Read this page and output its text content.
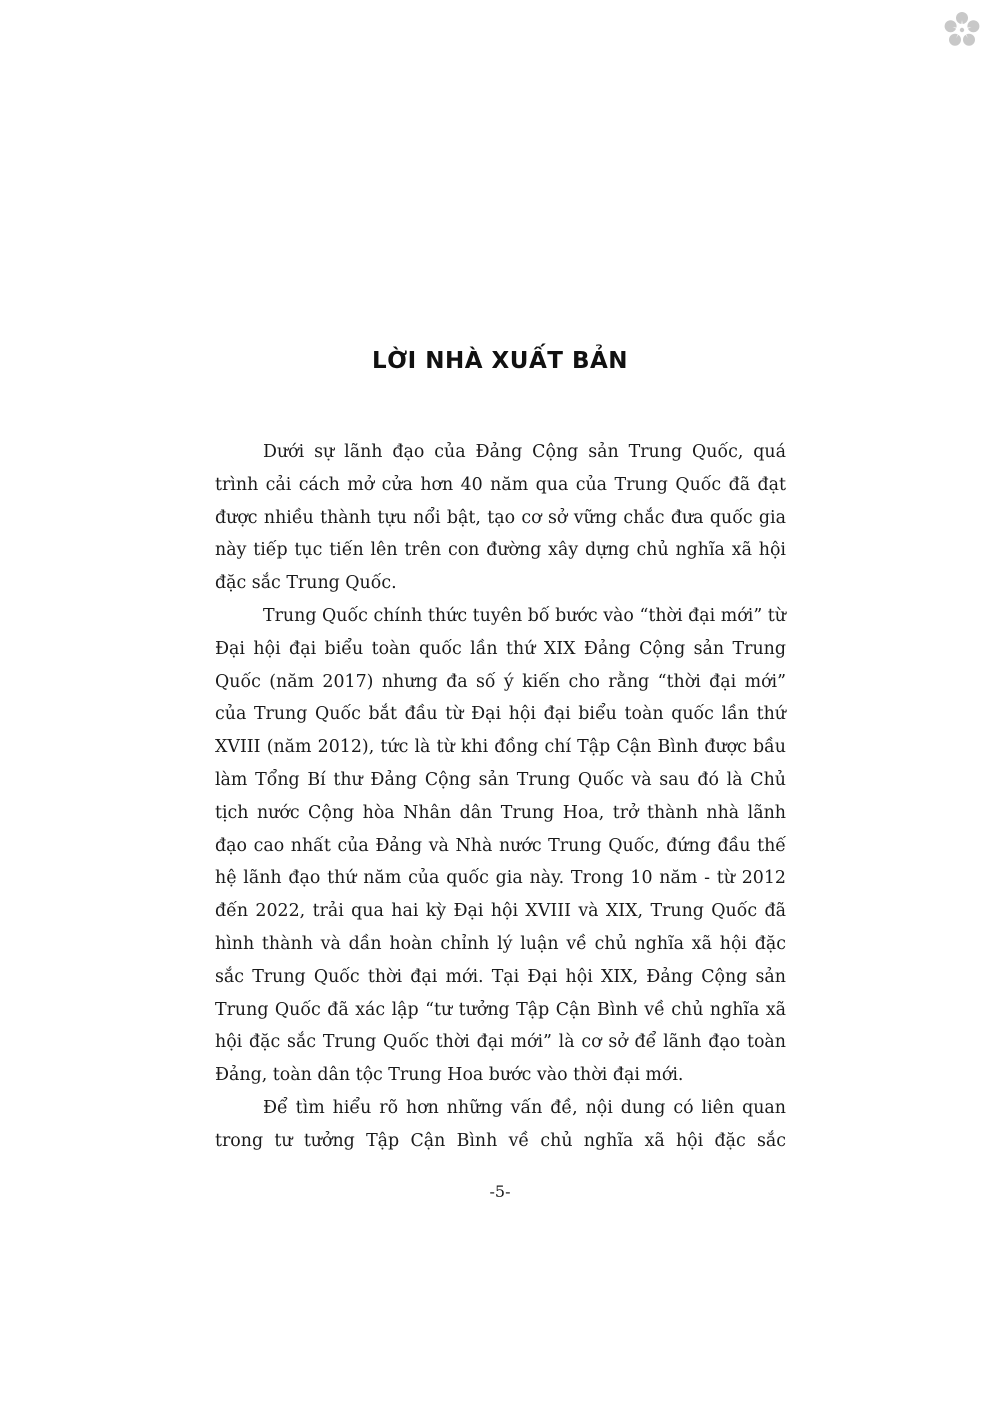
LỜI NHÀ XUẤT BẢN

Dưới sự lãnh đạo của Đảng Cộng sản Trung Quốc, quá trình cải cách mở cửa hơn 40 năm qua của Trung Quốc đã đạt được nhiều thành tựu nổi bật, tạo cơ sở vững chắc đưa quốc gia này tiếp tục tiến lên trên con đường xây dựng chủ nghĩa xã hội đặc sắc Trung Quốc.

Trung Quốc chính thức tuyên bố bước vào “thời đại mới” từ Đại hội đại biểu toàn quốc lần thứ XIX Đảng Cộng sản Trung Quốc (năm 2017) nhưng đa số ý kiến cho rằng “thời đại mới” của Trung Quốc bắt đầu từ Đại hội đại biểu toàn quốc lần thứ XVIII (năm 2012), tức là từ khi đồng chí Tập Cận Bình được bầu làm Tổng Bí thư Đảng Cộng sản Trung Quốc và sau đó là Chủ tịch nước Cộng hòa Nhân dân Trung Hoa, trở thành nhà lãnh đạo cao nhất của Đảng và Nhà nước Trung Quốc, đứng đầu thế hệ lãnh đạo thứ năm của quốc gia này. Trong 10 năm - từ 2012 đến 2022, trải qua hai kỳ Đại hội XVIII và XIX, Trung Quốc đã hình thành và dần hoàn chỉnh lý luận về chủ nghĩa xã hội đặc sắc Trung Quốc thời đại mới. Tại Đại hội XIX, Đảng Cộng sản Trung Quốc đã xác lập “tư tưởng Tập Cận Bình về chủ nghĩa xã hội đặc sắc Trung Quốc thời đại mới” là cơ sở để lãnh đạo toàn Đảng, toàn dân tộc Trung Hoa bước vào thời đại mới.

Để tìm hiểu rõ hơn những vấn đề, nội dung có liên quan trong tư tưởng Tập Cận Bình về chủ nghĩa xã hội đặc sắc

-5-
